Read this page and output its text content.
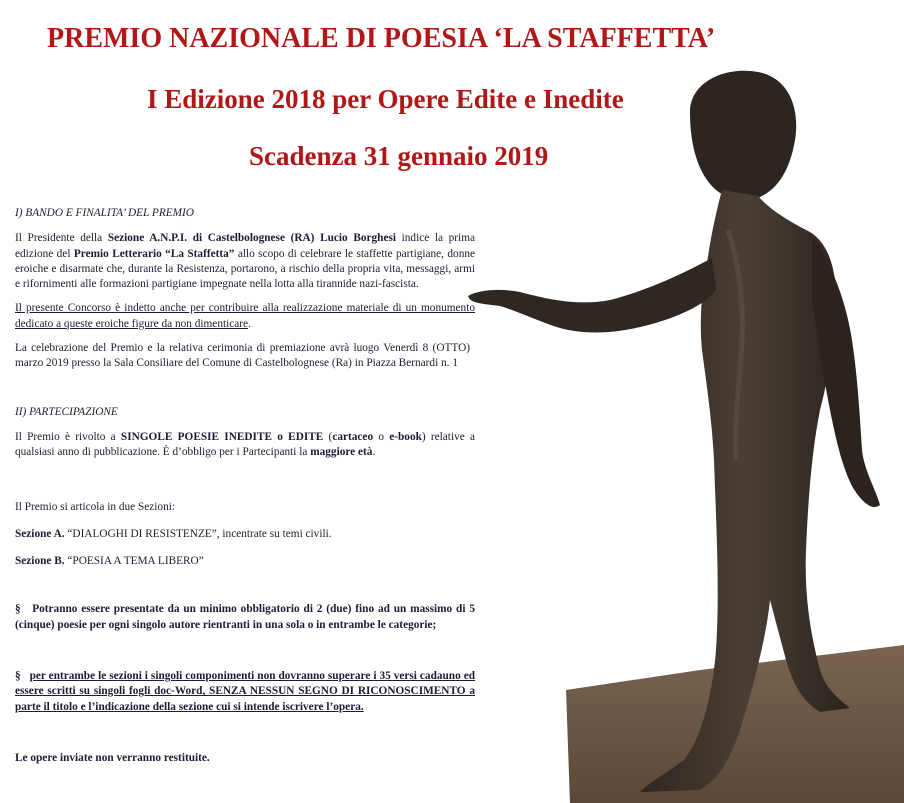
PREMIO NAZIONALE DI POESIA ‘LA STAFFETTA’
I Edizione 2018 per Opere Edite e Inedite
Scadenza 31 gennaio 2019

I) BANDO E FINALITA’ DEL PREMIO

Il Presidente della Sezione A.N.P.I. di Castelbolognese (RA) Lucio Borghesi indice la prima edizione del Premio Letterario “La Staffetta” allo scopo di celebrare le staffette partigiane, donne eroiche e disarmate che, durante la Resistenza, portarono, a rischio della propria vita, messaggi, armi e rifornimenti alle formazioni partigiane impegnate nella lotta alla tirannide nazi-fascista.

Il presente Concorso è indetto anche per contribuire alla realizzazione materiale di un monumento dedicato a queste eroiche figure da non dimenticare.

La celebrazione del Premio e la relativa cerimonia di premiazione avrà luogo Venerdì 8 (OTTO) marzo 2019 presso la Sala Consiliare del Comune di Castelbolognese (Ra) in Piazza Bernardi n. 1

II) PARTECIPAZIONE

Il Premio è rivolto a SINGOLE POESIE INEDITE o EDITE (cartaceo o e-book) relative a qualsiasi anno di pubblicazione. È d’obbligo per i Partecipanti la maggiore età.

Il Premio si articola in due Sezioni:

Sezione A. “DIALOGHI DI RESISTENZE”, incentrate su temi civili.

Sezione B. “POESIA A TEMA LIBERO”

§ Potranno essere presentate da un minimo obbligatorio di 2 (due) fino ad un massimo di 5 (cinque) poesie per ogni singolo autore rientranti in una sola o in entrambe le categorie;

§ per entrambe le sezioni i singoli componimenti non dovranno superare i 35 versi cadauno ed essere scritti su singoli fogli doc-Word, SENZA NESSUN SEGNO DI RICONOSCIMENTO a parte il titolo e l’indicazione della sezione cui si intende iscrivere l’opera.

Le opere inviate non verranno restituite.
